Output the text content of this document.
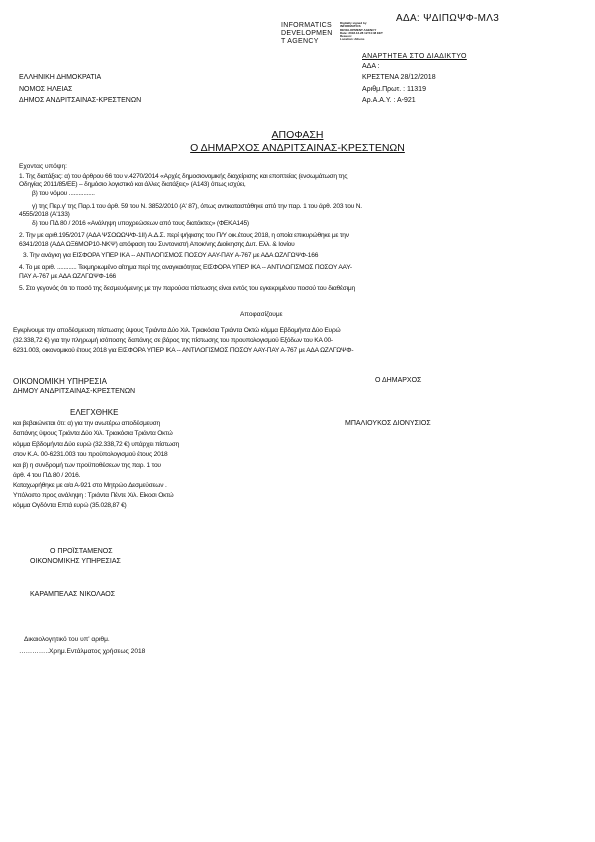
ΑΔΑ: ΨΔΙΠΩΨΦ-ΜΛ3
INFORMATICS
DEVELOPMEN
T AGENCY
Digitally signed by
INFORMATICS
DEVELOPMENT AGENCY
Date: 2018.12.28 12:54:48 EET
Reason:
Location: Athens
ΑΝΑΡΤΗΤΕΑ ΣΤΟ ΔΙΑΔΙΚΤΥΟ
ΑΔΑ :
ΕΛΛΗΝΙΚΗ ΔΗΜΟΚΡΑΤΙΑ
ΝΟΜΟΣ ΗΛΕΙΑΣ
ΔΗΜΟΣ ΑΝΔΡΙΤΣΑΙΝΑΣ-ΚΡΕΣΤΕΝΩΝ
ΚΡΕΣΤΕΝΑ 28/12/2018
Αριθμ.Πρωτ. : 11319
Αρ.Α.Α.Υ. : Α-921
ΑΠΟΦΑΣΗ
Ο ΔΗΜΑΡΧΟΣ ΑΝΔΡΙΤΣΑΙΝΑΣ-ΚΡΕΣΤΕΝΩΝ
Εχοντας υπόψη:
1. Της διατάξεις: α) του άρθρου 66 του ν.4270/2014 «Αρχές δημοσιονομικής διαχείρισης και εποπτείας (ενσωμάτωση της
Οδηγίας 2011/85/ΕΕ) – δημόσιο λογιστικό και άλλες διατάξεις» (Α143) όπως ισχύει,
β) του νόμου ................
γ) της Περ.γ' της Παρ.1 του άρθ. 59 του Ν. 3852/2010 (Α' 87), όπως αντικαταστάθηκε από την παρ. 1 του άρθ. 203 του Ν.
4555/2018 (Α'133)
δ) του ΠΔ 80 / 2016 «Ανάληψη υποχρεώσεων από τους διατάκτες» (ΦΕΚΑ145)
2. Την με αριθ.195/2017 (ΑΔΑ ΨΣΟΩΩΨΦ-1ΙΙ) Α.Δ.Σ. περί ψήφισης του Π/Υ οικ.έτους 2018, η οποία επικυρώθηκε με την
6341/2018 (ΑΔΑ ΩΞ6ΜΟΡ10-ΝΚΨ) απόφαση του Συντονιστή Αποκ/νης Διοίκησης Δυτ. Ελλ. & Ιονίου
3. Την ανάγκη για ΕΙΣΦΟΡΑ ΥΠΕΡ ΙΚΑ -- ΑΝΤΙΛΟΓΙΣΜΟΣ ΠΟΣΟΥ ΑΑΥ-ΠΑΥ Α-767 με ΑΔΑ ΩΖΛΓΩΨΦ-166
4. Το με αριθ. ............ Τεκμηριωμένο αίτημα περί της αναγκαιότητας ΕΙΣΦΟΡΑ ΥΠΕΡ ΙΚΑ -- ΑΝΤΙΛΟΓΙΣΜΟΣ ΠΟΣΟΥ ΑΑΥ-
ΠΑΥ Α-767 με ΑΔΑ ΩΖΛΓΩΨΦ-166
5. Στο γεγονός ότι το ποσό της δεσμευόμενης με την παρούσα πίστωσης είναι εντός του εγκεκριμένου ποσού του διαθέσιμη
Αποφασίζουμε
Εγκρίνουμε την αποδέσμευση πίστωσης ύψους Τριάντα Δύο Χιλ. Τριακόσια Τριάντα Οκτώ κόμμα Εβδομήντα Δύο Ευρώ
(32.338,72 €) για την πληρωμή ισόποσης δαπάνης σε βάρος της πίστωσης του προυπολογισμού Εξόδων του ΚΑ 00-
6231.003, οικονομικού έτους 2018 για ΕΙΣΦΟΡΑ ΥΠΕΡ ΙΚΑ -- ΑΝΤΙΛΟΓΙΣΜΟΣ ΠΟΣΟΥ ΑΑΥ-ΠΑΥ Α-767 με ΑΔΑ ΩΖΛΓΩΨΦ-
ΟΙΚΟΝΟΜΙΚΗ ΥΠΗΡΕΣΙΑ
ΔΗΜΟΥ ΑΝΔΡΙΤΣΑΙΝΑΣ-ΚΡΕΣΤΕΝΩΝ
Ο ΔΗΜΑΡΧΟΣ
ΕΛΕΓΧΘΗΚΕ
ΜΠΑΛΙΟΥΚΟΣ ΔΙΟΝΥΣΙΟΣ
και βεβαιώνεται ότι: α) για την ανωτέρω αποδέσμευση
δαπάνης ύψους Τριάντα Δύο Χιλ. Τριακόσια Τριάντα Οκτώ
κόμμα Εβδομήντα Δύο ευρώ (32.338,72 €) υπάρχει πίστωση
στον Κ.Α. 00-6231.003 του προϋπολογισμού έτους 2018
και β) η συνδρομή των προϋποθέσεων της παρ. 1 του
άρθ. 4 του ΠΔ 80 / 2016.
Καταχωρήθηκε με α/α Α-921 στο Μητρώο Δεσμεύσεων .
Υπόλοιπο προς ανάληψη : Τριάντα Πέντε Χιλ. Είκοσι Οκτώ
κόμμα Ογδόντα Επτά ευρώ (35.028,87 €)
Ο ΠΡΟΪΣΤΑΜΕΝΟΣ
ΟΙΚΟΝΟΜΙΚΗΣ ΥΠΗΡΕΣΙΑΣ
ΚΑΡΑΜΠΕΛΑΣ ΝΙΚΟΛΑΟΣ
Δικαιολογητικό του υπ' αριθμ.
…………..Χρημ.Εντάλματος χρήσεως 2018
